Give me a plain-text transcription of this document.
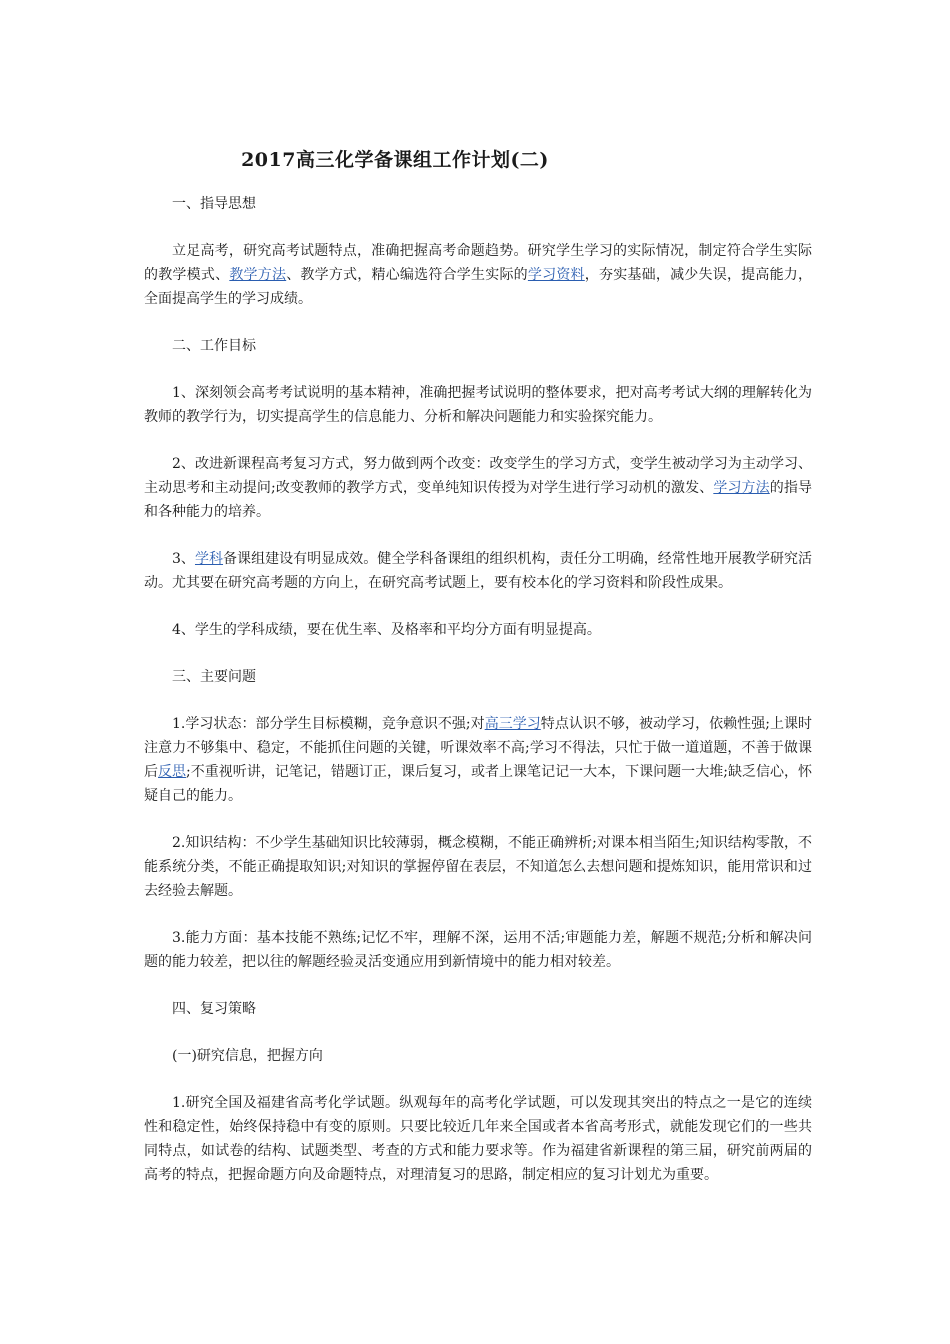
2017高三化学备课组工作计划(二)

一、指导思想

立足高考，研究高考试题特点，准确把握高考命题趋势。研究学生学习的实际情况，制定符合学生实际的教学模式、教学方法、教学方式，精心编选符合学生实际的学习资料，夯实基础，减少失误，提高能力，全面提高学生的学习成绩。

二、工作目标

1、深刻领会高考考试说明的基本精神，准确把握考试说明的整体要求，把对高考考试大纲的理解转化为教师的教学行为，切实提高学生的信息能力、分析和解决问题能力和实验探究能力。

2、改进新课程高考复习方式，努力做到两个改变：改变学生的学习方式，变学生被动学习为主动学习、主动思考和主动提问;改变教师的教学方式，变单纯知识传授为对学生进行学习动机的激发、学习方法的指导和各种能力的培养。

3、学科备课组建设有明显成效。健全学科备课组的组织机构，责任分工明确，经常性地开展教学研究活动。尤其要在研究高考题的方向上，在研究高考试题上，要有校本化的学习资料和阶段性成果。

4、学生的学科成绩，要在优生率、及格率和平均分方面有明显提高。

三、主要问题

1.学习状态：部分学生目标模糊，竞争意识不强;对高三学习特点认识不够，被动学习，依赖性强;上课时注意力不够集中、稳定，不能抓住问题的关键，听课效率不高;学习不得法，只忙于做一道道题，不善于做课后反思;不重视听讲，记笔记，错题订正，课后复习，或者上课笔记记一大本，下课问题一大堆;缺乏信心，怀疑自己的能力。

2.知识结构：不少学生基础知识比较薄弱，概念模糊，不能正确辨析;对课本相当陌生;知识结构零散，不能系统分类，不能正确提取知识;对知识的掌握停留在表层，不知道怎么去想问题和提炼知识，能用常识和过去经验去解题。

3.能力方面：基本技能不熟练;记忆不牢，理解不深，运用不活;审题能力差，解题不规范;分析和解决问题的能力较差，把以往的解题经验灵活变通应用到新情境中的能力相对较差。

四、复习策略

(一)研究信息，把握方向

1.研究全国及福建省高考化学试题。纵观每年的高考化学试题，可以发现其突出的特点之一是它的连续性和稳定性，始终保持稳中有变的原则。只要比较近几年来全国或者本省高考形式，就能发现它们的一些共同特点，如试卷的结构、试题类型、考查的方式和能力要求等。作为福建省新课程的第三届，研究前两届的高考的特点，把握命题方向及命题特点，对理清复习的思路，制定相应的复习计划尤为重要。
